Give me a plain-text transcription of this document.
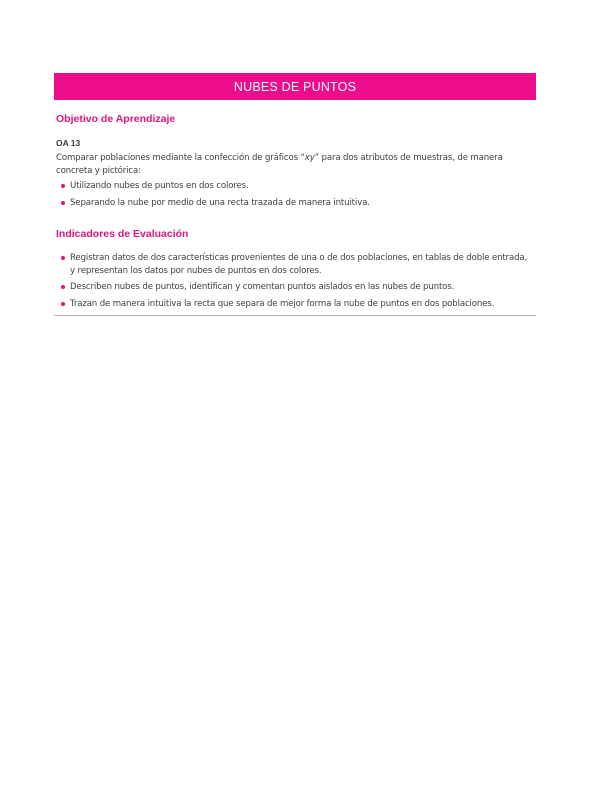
NUBES DE PUNTOS
Objetivo de Aprendizaje
OA 13

Comparar poblaciones mediante la confección de gráficos “xy” para dos atributos de muestras, de manera concreta y pictórica:

Utilizando nubes de puntos en dos colores.
Separando la nube por medio de una recta trazada de manera intuitiva.
Indicadores de Evaluación
Registran datos de dos características provenientes de una o de dos poblaciones, en tablas de doble entrada, y representan los datos por nubes de puntos en dos colores.
Describen nubes de puntos, identifican y comentan puntos aislados en las nubes de puntos.
Trazan de manera intuitiva la recta que separa de mejor forma la nube de puntos en dos poblaciones.
